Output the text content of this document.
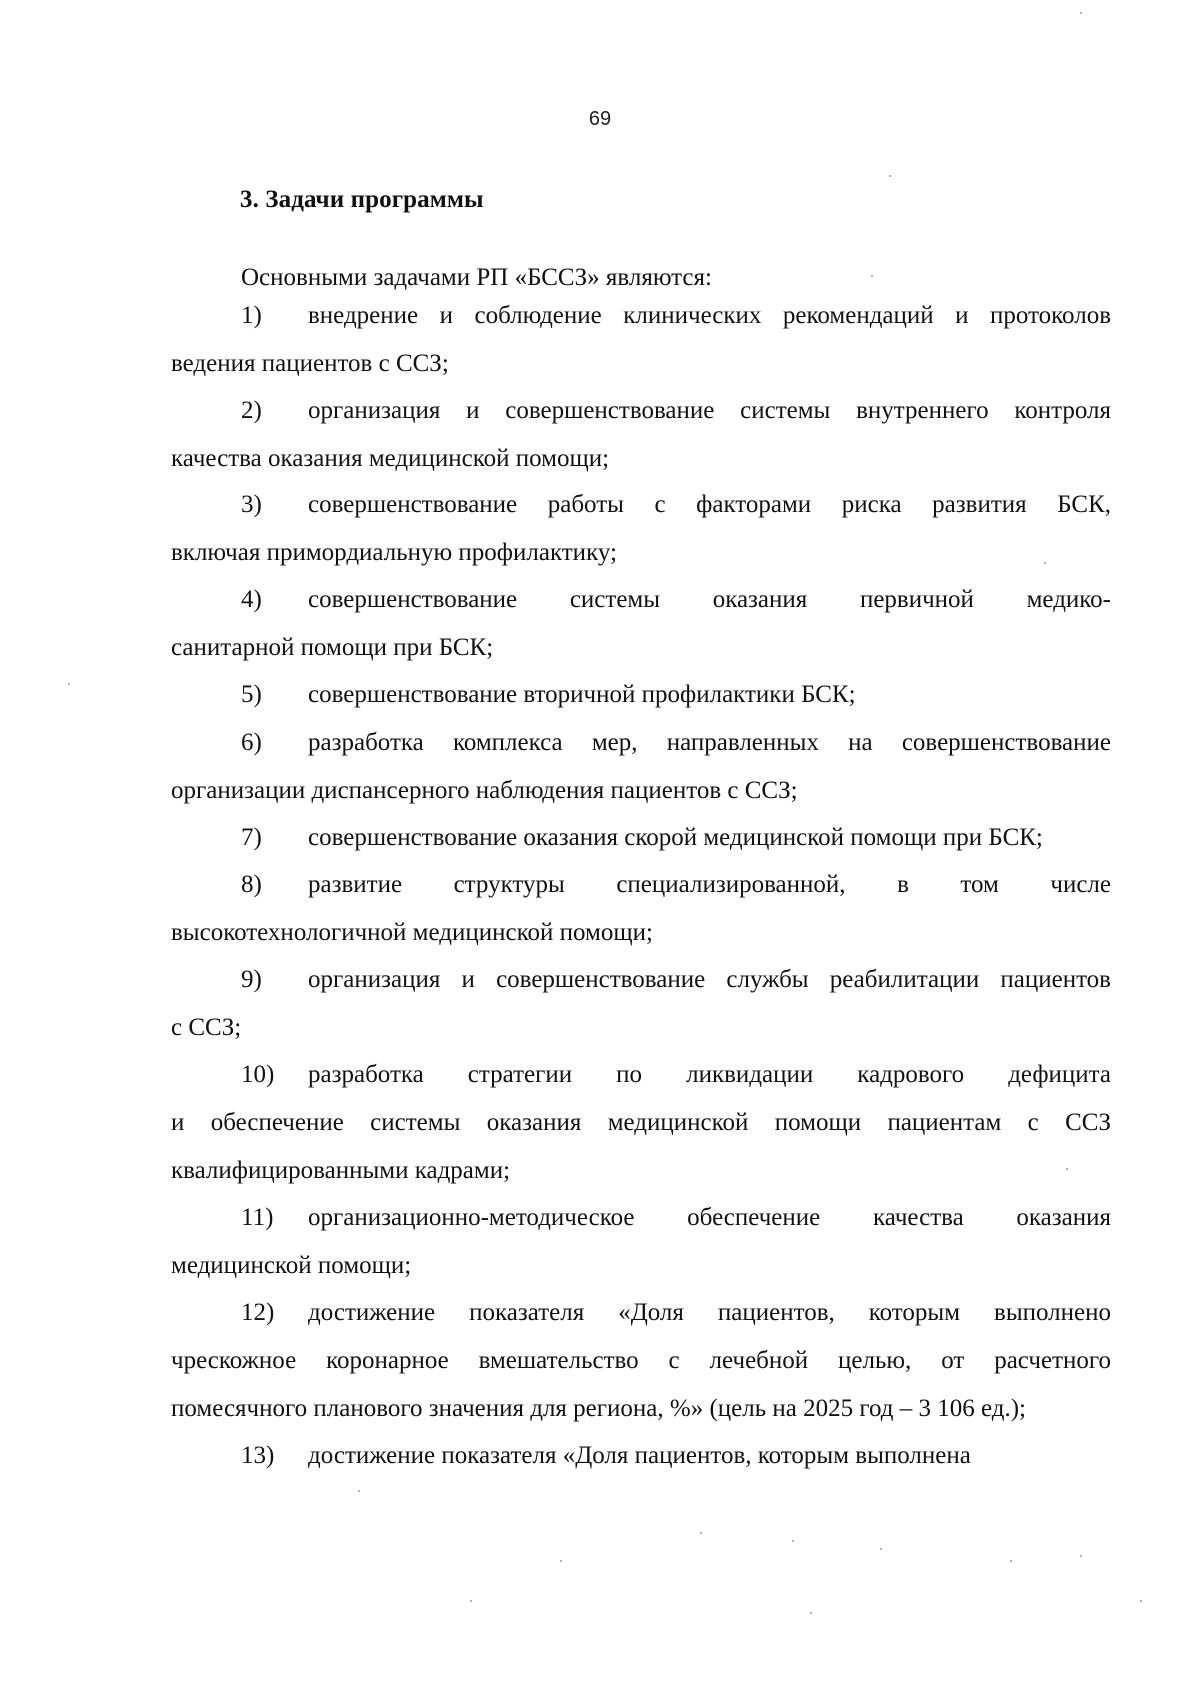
69
3. Задачи программы
Основными задачами РП «БССЗ» являются:
1)	внедрение и соблюдение клинических рекомендаций и протоколов
ведения пациентов с ССЗ;
2)	организация и совершенствование системы внутреннего контроля
качества оказания медицинской помощи;
3)	совершенствование работы с факторами риска развития БСК,
включая примордиальную профилактику;
4)	совершенствование системы оказания первичной медико-
санитарной помощи при БСК;
5)	совершенствование вторичной профилактики БСК;
6)	разработка комплекса мер, направленных на совершенствование
организации диспансерного наблюдения пациентов с ССЗ;
7)	совершенствование оказания скорой медицинской помощи при БСК;
8)	развитие структуры специализированной, в том числе
высокотехнологичной медицинской помощи;
9)	организация и совершенствование службы реабилитации пациентов
с ССЗ;
10)	разработка стратегии по ликвидации кадрового дефицита
и обеспечение системы оказания медицинской помощи пациентам с ССЗ
квалифицированными кадрами;
11)	организационно-методическое обеспечение качества оказания
медицинской помощи;
12)	достижение показателя «Доля пациентов, которым выполнено
чрескожное коронарное вмешательство с лечебной целью, от расчетного
помесячного планового значения для региона, %» (цель на 2025 год – 3 106 ед.);
13)	достижение показателя «Доля пациентов, которым выполнена
